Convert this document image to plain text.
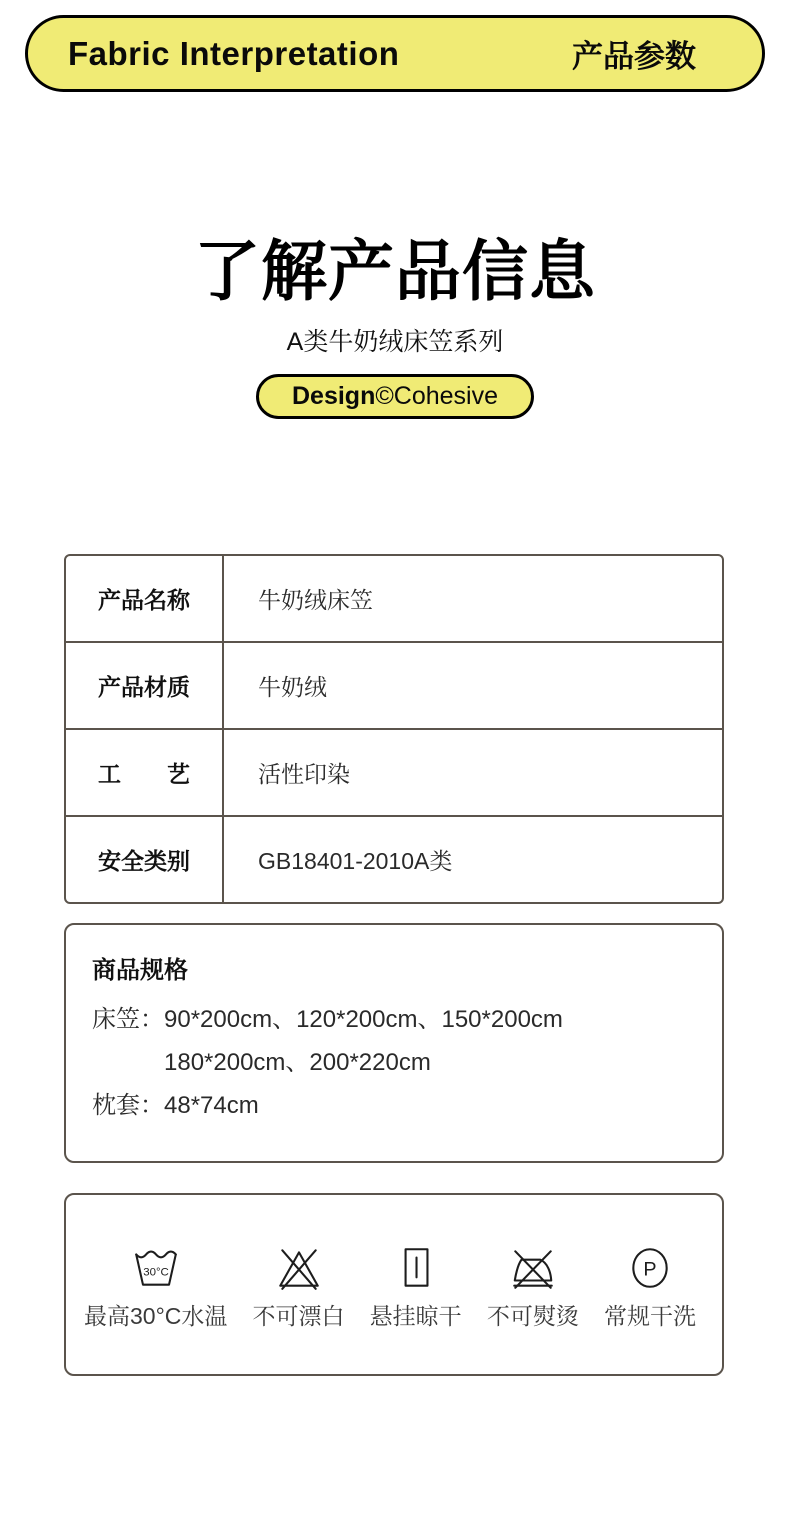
Fabric Interpretation	产品参数
了解产品信息
A类牛奶绒床笠系列
Design ©Cohesive
产品名称	牛奶绒床笠
产品材质	牛奶绒
工　　艺	活性印染
安全类别	GB18401-2010A类
商品规格
床笠： 90*200cm、120*200cm、150*200cm
180*200cm、200*220cm
枕套： 48*74cm
30°C
最高30°C水温 不可漂白 悬挂晾干 不可熨烫
P
常规干洗
